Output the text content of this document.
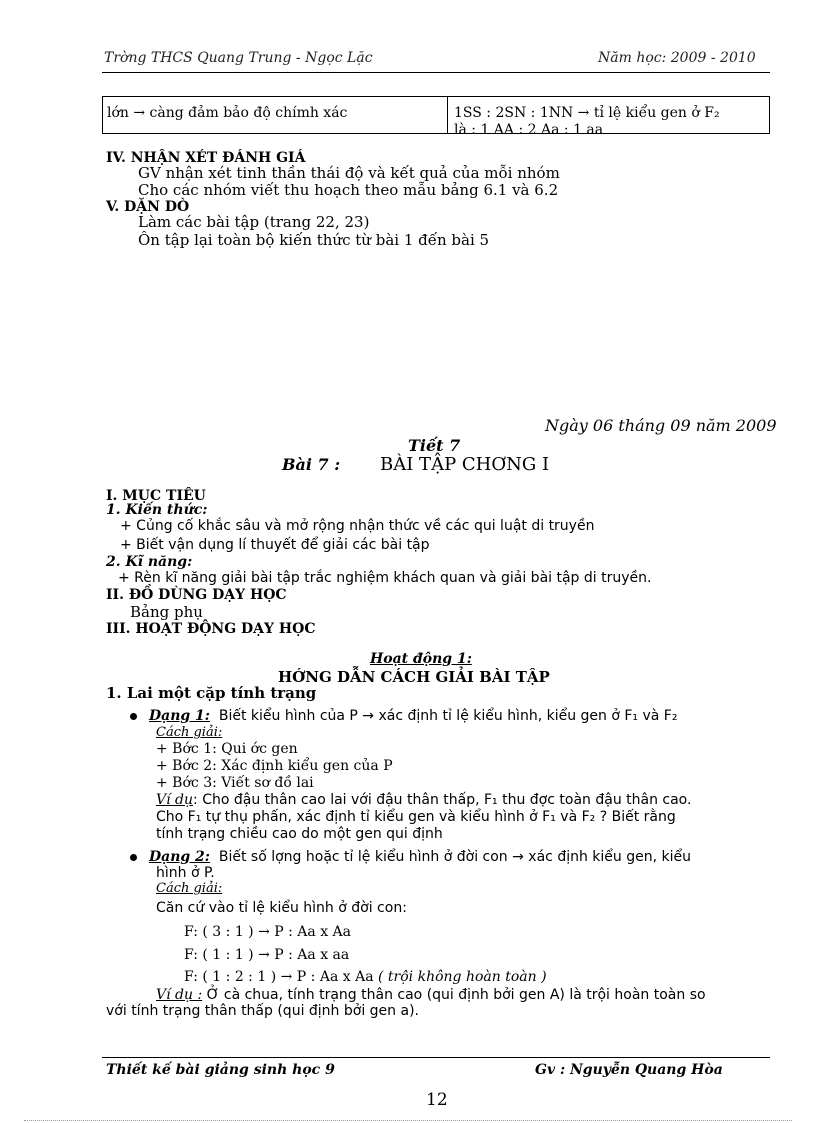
Trờng THCS Quang Trung - Ngọc Lặc	Năm học: 2009 - 2010
lớn → càng đảm bảo độ chímh xác	1SS : 2SN : 1NN → tỉ lệ kiểu gen ở F₂
là : 1 AA : 2 Aa : 1 aa
IV. NHẬN XÉT ĐÁNH GIÁ
GV nhận xét tinh thần thái độ và kết quả của mỗi nhóm
Cho các nhóm viết thu hoạch theo mẫu bảng 6.1 và 6.2
V. DẶN DÒ
Làm các bài tập (trang 22, 23)
Ôn tập lại toàn bộ kiến thức từ bài 1 đến bài 5
Ngày 06 tháng 09 năm 2009
Tiết 7
Bài 7 : BÀI TẬP CHƠNG I
I. MỤC TIÊU
1. Kiến thức:
+ Củng cố khắc sâu và mở rộng nhận thức về các qui luật di truyền
+ Biết vận dụng lí thuyết để giải các bài tập
2. Kĩ năng:
+ Rèn kĩ năng giải bài tập trắc nghiệm khách quan và giải bài tập di truyền.
II. ĐỒ DÙNG DẠY HỌC
Bảng phụ
III. HOẠT ĐỘNG DẠY HỌC
Hoạt động 1:
HỚNG DẪN CÁCH GIẢI BÀI TẬP
1. Lai một cặp tính trạng
Dạng 1: Biết kiểu hình của P → xác định tỉ lệ kiểu hình, kiểu gen ở F₁ và F₂
Cách giải:
+ Bớc 1: Qui ớc gen
+ Bớc 2: Xác định kiểu gen của P
+ Bớc 3: Viết sơ đồ lai
Ví dụ: Cho đậu thân cao lai với đậu thân thấp, F₁ thu đợc toàn đậu thân cao.
Cho F₁ tự thụ phấn, xác định tỉ kiểu gen và kiểu hình ở F₁ và F₂ ? Biết rằng
tính trạng chiều cao do một gen qui định
Dạng 2: Biết số lợng hoặc tỉ lệ kiểu hình ở đời con → xác định kiểu gen, kiểu
hình ở P.
Cách giải:
Căn cứ vào tỉ lệ kiểu hình ở đời con:
F: ( 3 : 1 ) → P : Aa x Aa
F: ( 1 : 1 ) → P : Aa x aa
F: ( 1 : 2 : 1 ) → P : Aa x Aa ( trội không hoàn toàn )
Ví dụ : Ở cà chua, tính trạng thân cao (qui định bởi gen A) là trội hoàn toàn so
với tính trạng thân thấp (qui định bởi gen a).
Thiết kế bài giảng sinh học 9	Gv : Nguyễn Quang Hòa
12
